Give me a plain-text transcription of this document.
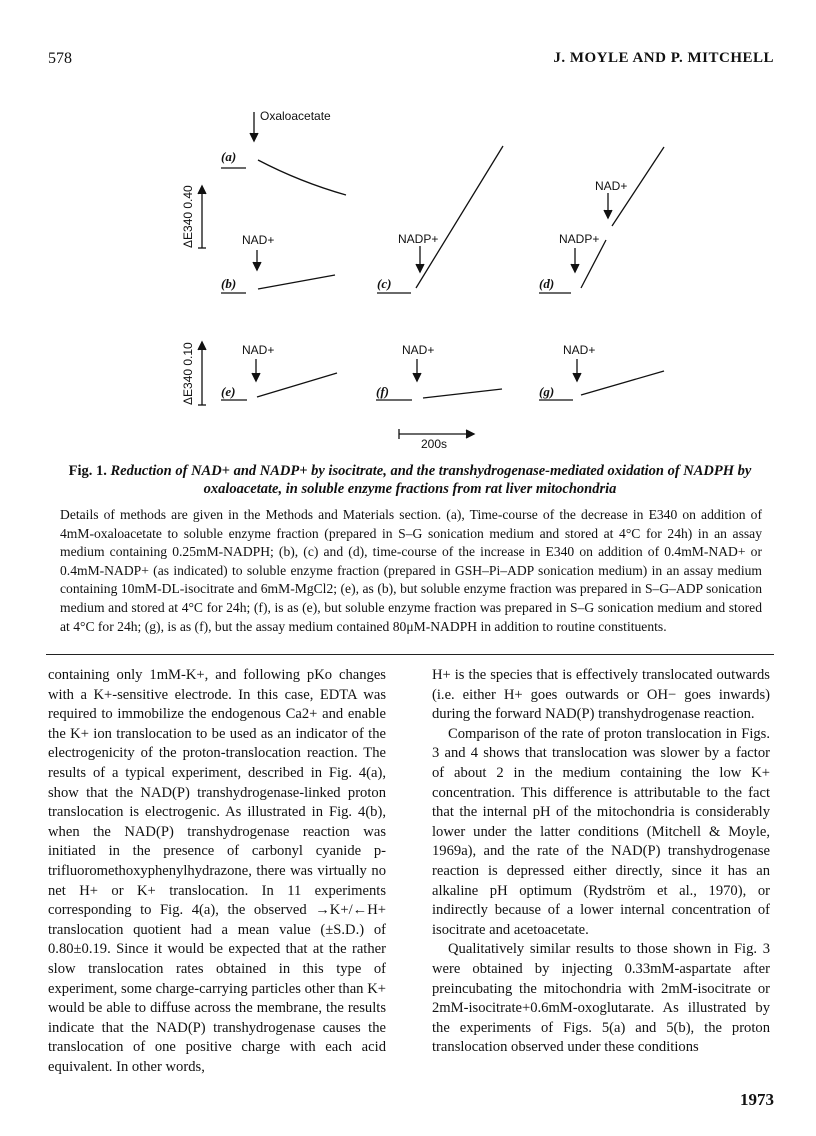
578	J. MOYLE AND P. MITCHELL
Oxaloacetate
(a)
NAD+
(b)
NADP+
(c)
NAD+
NADP+
(d)
NAD+
(e)
NAD+
(f)
NAD+
(g)
ΔE340 0.40
ΔE340 0.10
200s
Fig. 1. Reduction of NAD+ and NADP+ by isocitrate, and the transhydrogenase-mediated oxidation of NADPH by oxaloacetate, in soluble enzyme fractions from rat liver mitochondria
Details of methods are given in the Methods and Materials section. (a), Time-course of the decrease in E340 on addition of 4mM-oxaloacetate to soluble enzyme fraction (prepared in S–G sonication medium and stored at 4°C for 24h) in an assay medium containing 0.25mM-NADPH; (b), (c) and (d), time-course of the increase in E340 on addition of 0.4mM-NAD+ or 0.4mM-NADP+ (as indicated) to soluble enzyme fraction (prepared in GSH–Pi–ADP sonication medium) in an assay medium containing 10mM-DL-isocitrate and 6mM-MgCl2; (e), as (b), but soluble enzyme fraction was prepared in S–G–ADP sonication medium and stored at 4°C for 24h; (f), is as (e), but soluble enzyme fraction was prepared in S–G sonication medium and stored at 4°C for 24h; (g), is as (f), but the assay medium contained 80μM-NADPH in addition to routine constituents.

containing only 1mM-K+, and following pKo changes with a K+-sensitive electrode. In this case, EDTA was required to immobilize the endogenous Ca2+ and enable the K+ ion translocation to be used as an indicator of the electrogenicity of the proton-translocation reaction. The results of a typical experiment, described in Fig. 4(a), show that the NAD(P) transhydrogenase-linked proton translocation is electrogenic. As illustrated in Fig. 4(b), when the NAD(P) transhydrogenase reaction was initiated in the presence of carbonyl cyanide p-trifluoromethoxyphenylhydrazone, there was virtually no net H+ or K+ translocation. In 11 experiments corresponding to Fig. 4(a), the observed →K+/←H+ translocation quotient had a mean value (±S.D.) of 0.80±0.19. Since it would be expected that at the rather slow translocation rates obtained in this type of experiment, some charge-carrying particles other than K+ would be able to diffuse across the membrane, the results indicate that the NAD(P) transhydrogenase causes the translocation of one positive charge with each acid equivalent. In other words,

H+ is the species that is effectively translocated outwards (i.e. either H+ goes outwards or OH− goes inwards) during the forward NAD(P) transhydrogenase reaction.

Comparison of the rate of proton translocation in Figs. 3 and 4 shows that translocation was slower by a factor of about 2 in the medium containing the low K+ concentration. This difference is attributable to the fact that the internal pH of the mitochondria is considerably lower under the latter conditions (Mitchell & Moyle, 1969a), and the rate of the NAD(P) transhydrogenase reaction is depressed either directly, since it has an alkaline pH optimum (Rydström et al., 1970), or indirectly because of a lower internal concentration of isocitrate and acetoacetate.

Qualitatively similar results to those shown in Fig. 3 were obtained by injecting 0.33mM-aspartate after preincubating the mitochondria with 2mM-isocitrate or 2mM-isocitrate+0.6mM-oxoglutarate. As illustrated by the experiments of Figs. 5(a) and 5(b), the proton translocation observed under these conditions

1973
